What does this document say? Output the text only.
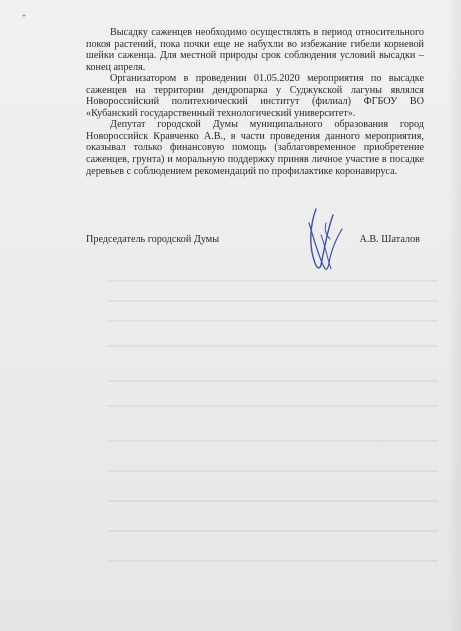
+

Высадку саженцев необходимо осуществлять в период относительного покоя растений, пока почки еще не набухли во избежание гибели корневой шейки саженца. Для местной природы срок соблюдения условий высадки – конец апреля.

Организатором в проведении 01.05.2020 мероприятия по высадке саженцев на территории дендропарка у Суджукской лагуны являлся Новороссийский политехнический институт (филиал) ФГБОУ ВО «Кубанский государственный технологический университет».

Депутат городской Думы муниципального образования город Новороссийск Кравченко А.В., в части проведения данного мероприятия, оказывал только финансовую помощь (заблаговременное приобретение саженцев, грунта) и моральную поддержку приняв личное участие в посадке деревьев с соблюдением рекомендаций по профилактике коронавируса.

Председатель городской Думы	А.В. Шаталов
